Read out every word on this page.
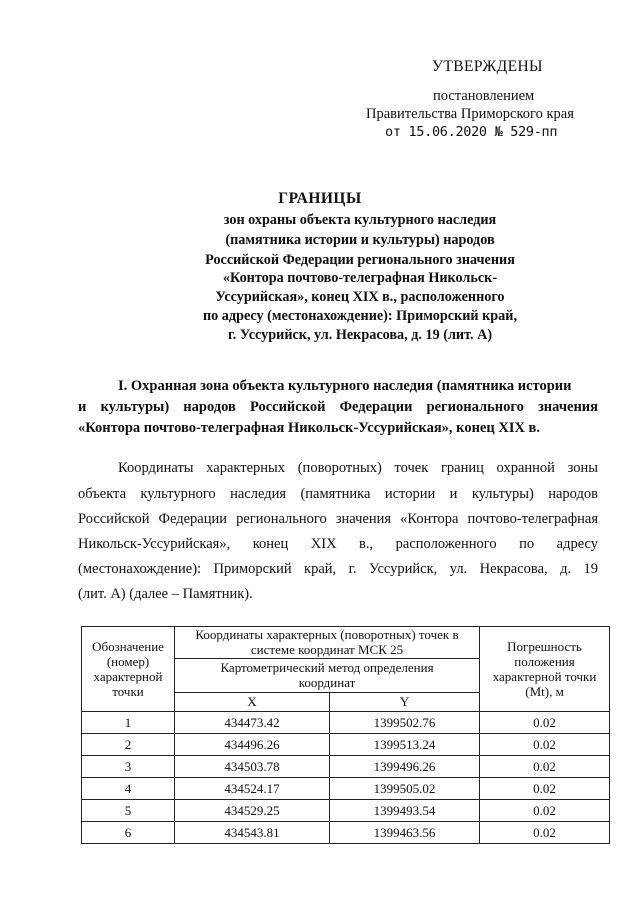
УТВЕРЖДЕНЫ
постановлением
Правительства Приморского края
от 15.06.2020 № 529-пп
ГРАНИЦЫ
зон охраны объекта культурного наследия
(памятника истории и культуры) народов
Российской Федерации регионального значения
«Контора почтово-телеграфная Никольск-
Уссурийская», конец XIX в., расположенного
по адресу (местонахождение): Приморский край,
г. Уссурийск, ул. Некрасова, д. 19 (лит. А)
I. Охранная зона объекта культурного наследия (памятника истории
и культуры) народов Российской Федерации регионального значения
«Контора почтово-телеграфная Никольск-Уссурийская», конец XIX в.
Координаты характерных (поворотных) точек границ охранной зоны
объекта культурного наследия (памятника истории и культуры) народов
Российской Федерации регионального значения «Контора почтово-телеграфная
Никольск-Уссурийская», конец XIX в., расположенного по адресу
(местонахождение): Приморский край, г. Уссурийск, ул. Некрасова, д. 19
(лит. А) (далее – Памятник).
Обозначение (номер) характерной точки	Координаты характерных (поворотных) точек в системе координат МСК 25		Погрешность положения характерной точки (Mt), м
	Картометрический метод определения координат		
	X	Y	
1	434473.42	1399502.76	0.02
2	434496.26	1399513.24	0.02
3	434503.78	1399496.26	0.02
4	434524.17	1399505.02	0.02
5	434529.25	1399493.54	0.02
6	434543.81	1399463.56	0.02
